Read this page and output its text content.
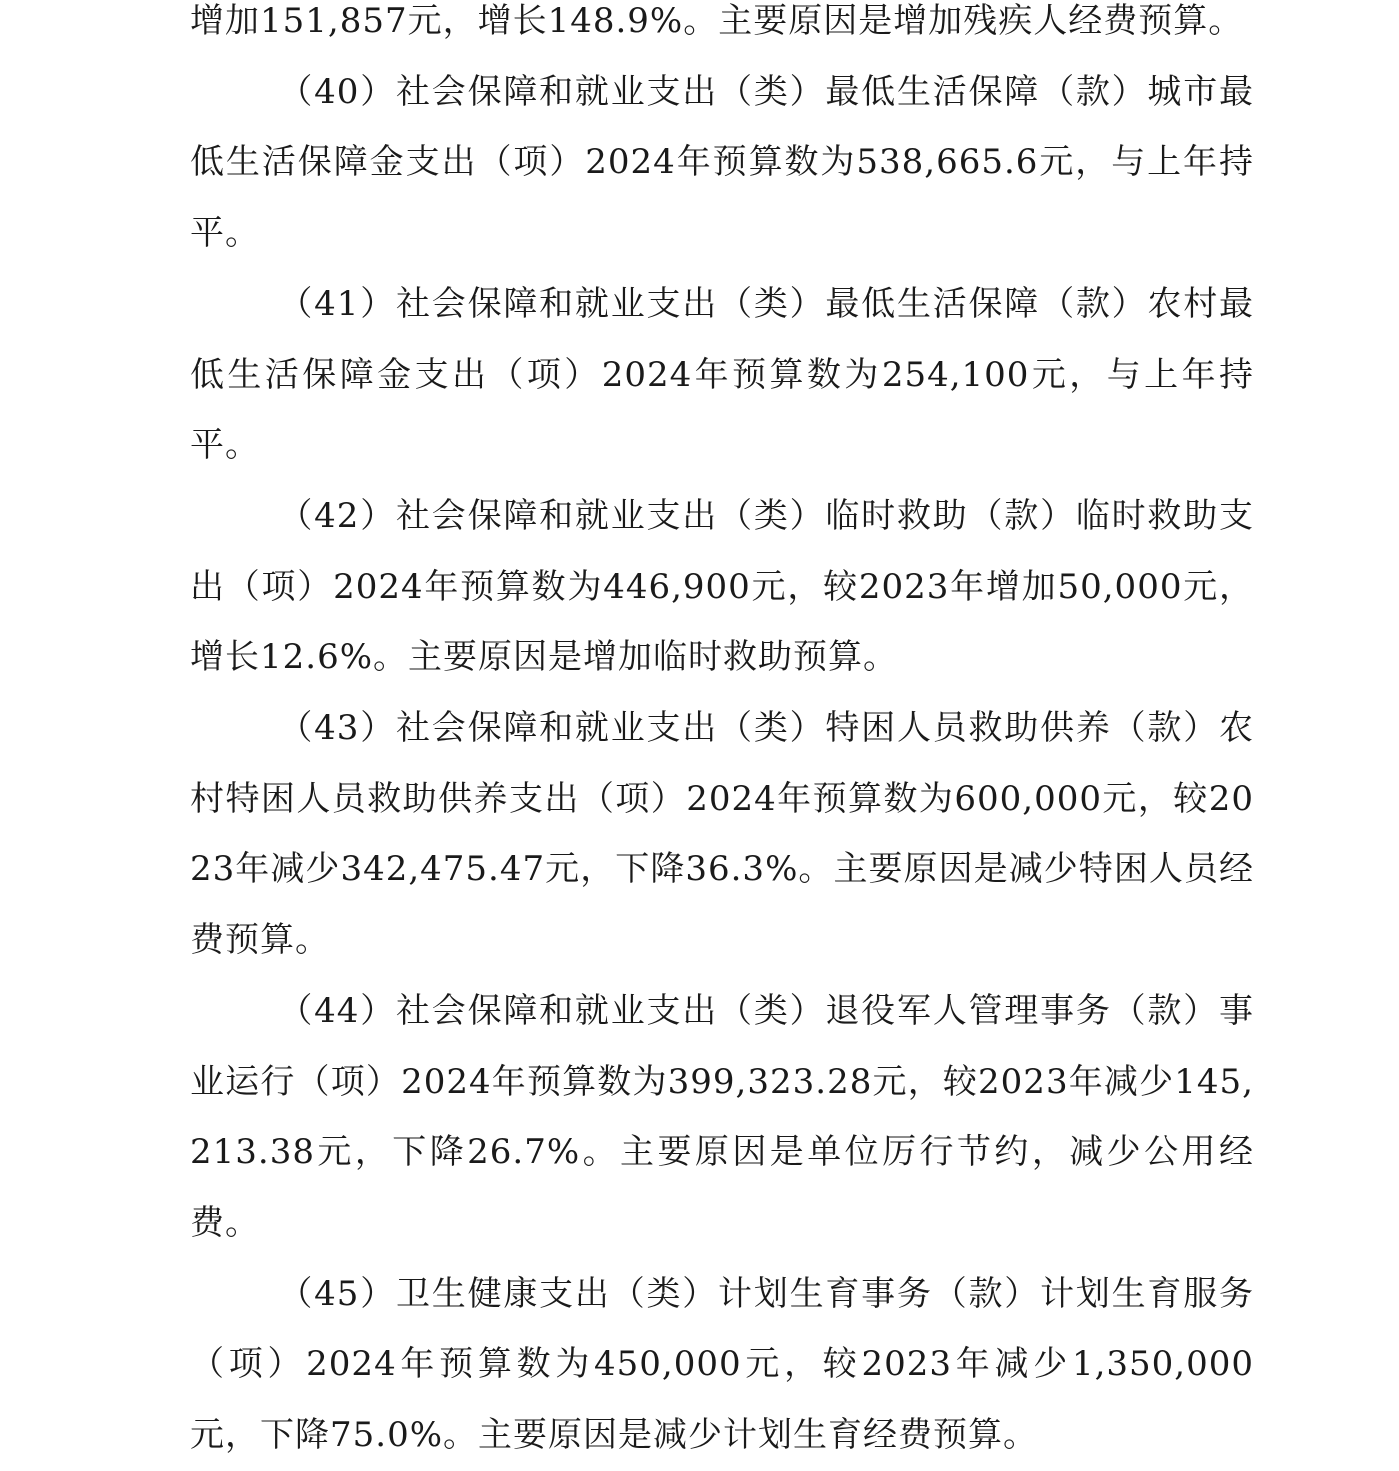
增加151,857元，增长148.9%。主要原因是增加残疾人经费预算。

（40）社会保障和就业支出（类）最低生活保障（款）城市最低生活保障金支出（项）2024年预算数为538,665.6元，与上年持平。

（41）社会保障和就业支出（类）最低生活保障（款）农村最低生活保障金支出（项）2024年预算数为254,100元，与上年持平。

（42）社会保障和就业支出（类）临时救助（款）临时救助支出（项）2024年预算数为446,900元，较2023年增加50,000元，增长12.6%。主要原因是增加临时救助预算。

（43）社会保障和就业支出（类）特困人员救助供养（款）农村特困人员救助供养支出（项）2024年预算数为600,000元，较2023年减少342,475.47元，下降36.3%。主要原因是减少特困人员经费预算。

（44）社会保障和就业支出（类）退役军人管理事务（款）事业运行（项）2024年预算数为399,323.28元，较2023年减少145,213.38元，下降26.7%。主要原因是单位厉行节约，减少公用经费。

（45）卫生健康支出（类）计划生育事务（款）计划生育服务（项）2024年预算数为450,000元，较2023年减少1,350,000元，下降75.0%。主要原因是减少计划生育经费预算。
